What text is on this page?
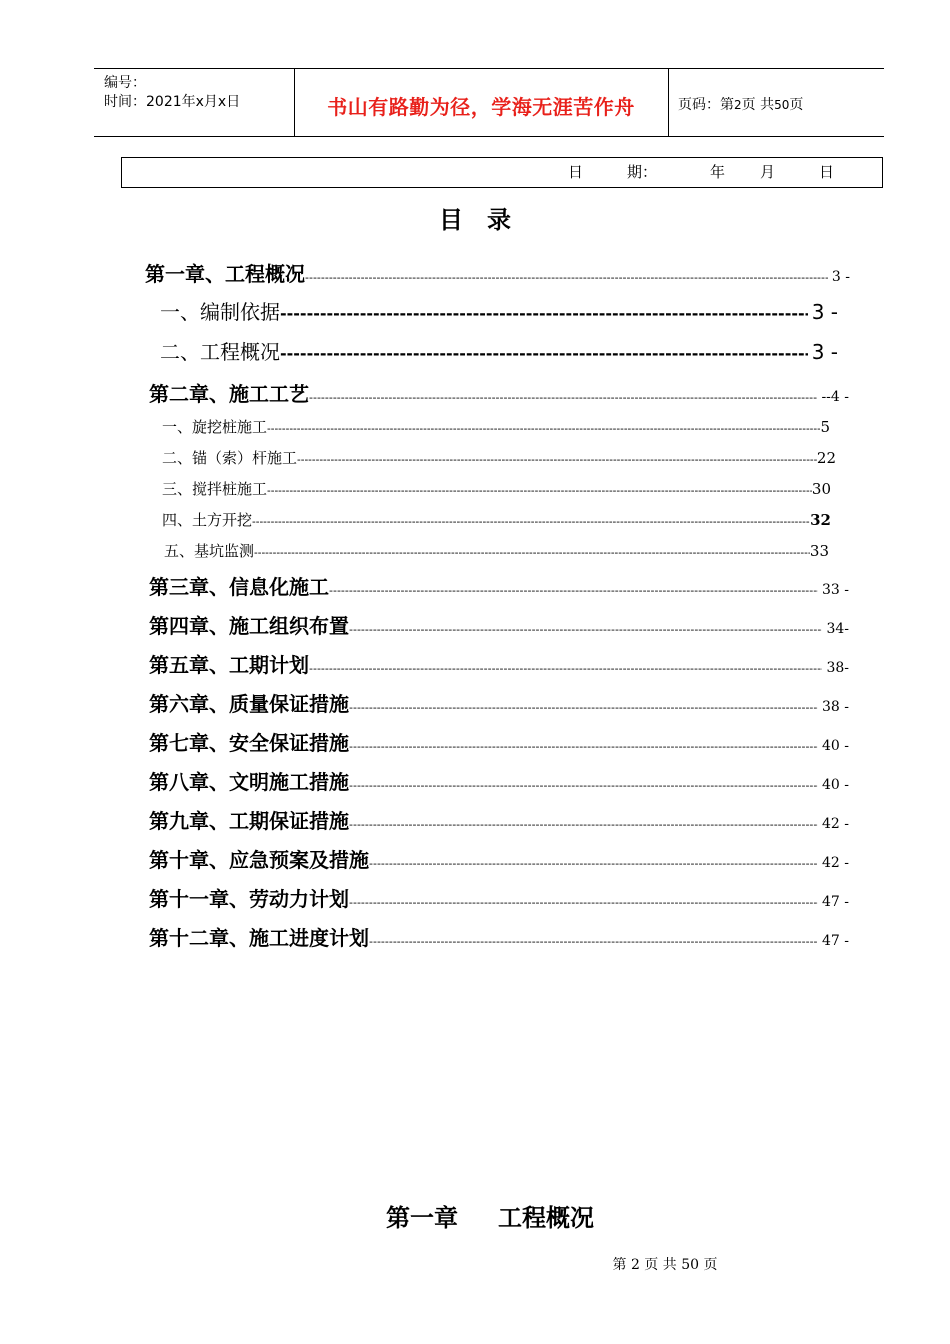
编号：
时间：2021年x月x日	书山有路勤为径，学海无涯苦作舟	页码：第2页 共50页
日	期：	年 月	日
目录
第一章、工程概况 -----	3 -
一、编制依据 -----	3 -
二、工程概况 -----	3 -
第二章、施工工艺 -----	--4 -
一、旋挖桩施工 -----	5
二、锚（索）杆施工 -----	22
三、搅拌桩施工 -----	30
四、土方开挖 -----	32
五、基坑监测 -----	33
第三章、信息化施工 -----	33 -
第四章、施工组织布置 -----	34-
第五章、工期计划 -----	38-
第六章、质量保证措施 -----	38 -
第七章、安全保证措施 -----	40 -
第八章、文明施工措施 -----	40 -
第九章、工期保证措施 -----	42 -
第十章、应急预案及措施 -----	42 -
第十一章、劳动力计划 -----	47 -
第十二章、施工进度计划 -----	47 -
第一章 工程概况
第 2 页 共 50 页
